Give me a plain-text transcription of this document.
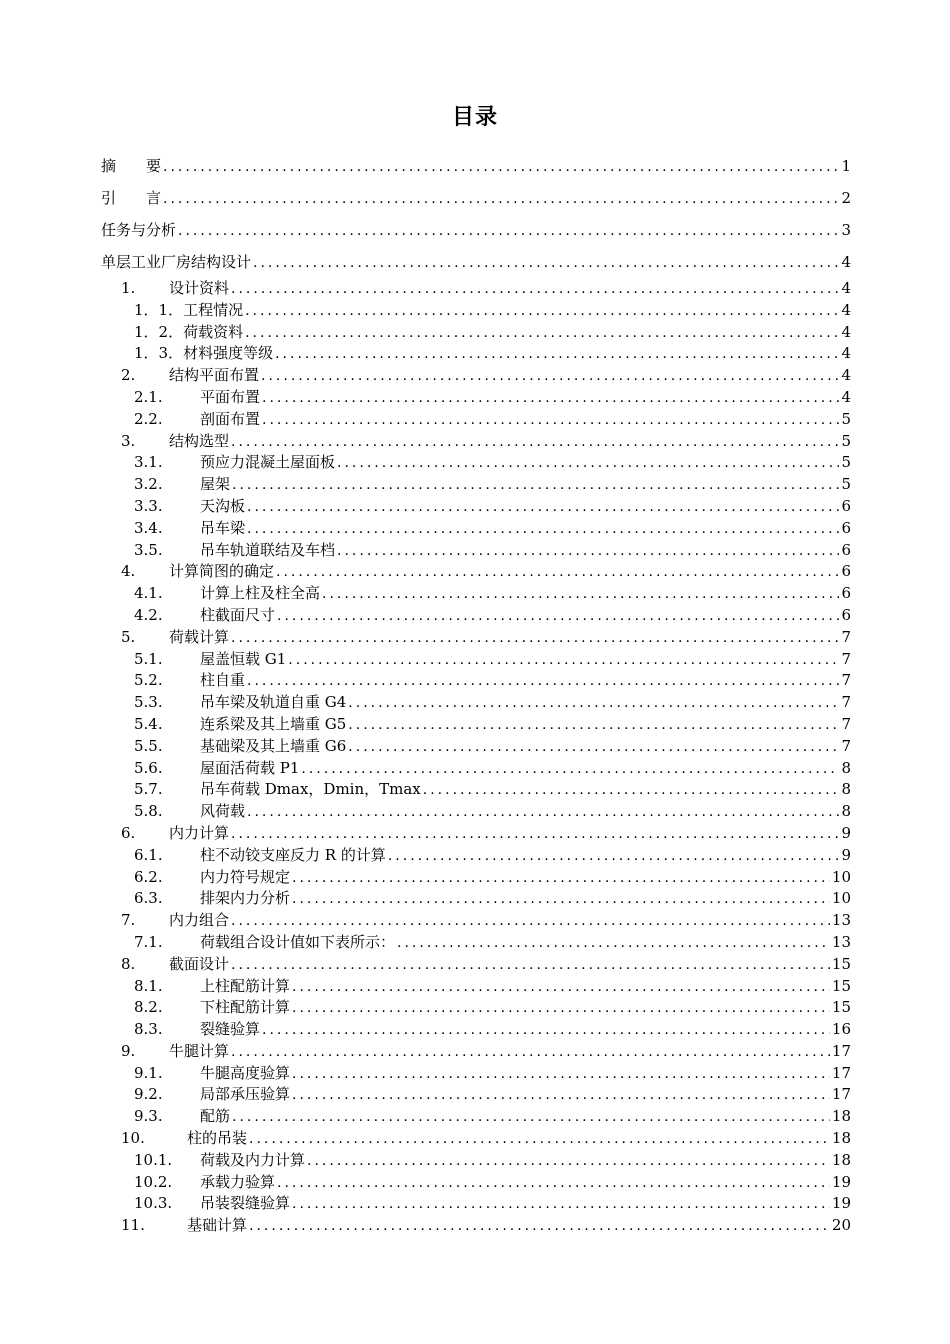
目录
摘　　要 .....	1
引　　言 .....	2
任务与分析 .....	3
单层工业厂房结构设计 .....	4
1.	设计资料 .....	4
1．1．工程情况 .....	4
1．2．荷载资料 .....	4
1．3．材料强度等级 .....	4
2.	结构平面布置 .....	4
2.1.	平面布置 .....	4
2.2.	剖面布置 .....	5
3.	结构选型 .....	5
3.1.	预应力混凝土屋面板 .....	5
3.2.	屋架 .....	5
3.3.	天沟板 .....	6
3.4.	吊车梁 .....	6
3.5.	吊车轨道联结及车档 .....	6
4.	计算简图的确定 .....	6
4.1.	计算上柱及柱全高 .....	6
4.2.	柱截面尺寸 .....	6
5.	荷载计算 .....	7
5.1.	屋盖恒载 G1 .....	7
5.2.	柱自重 .....	7
5.3.	吊车梁及轨道自重 G4 .....	7
5.4.	连系梁及其上墙重 G5 .....	7
5.5.	基础梁及其上墙重 G6 .....	7
5.6.	屋面活荷载 P1 .....	8
5.7.	吊车荷载 Dmax，Dmin，Tmax .....	8
5.8.	风荷载 .....	8
6.	内力计算 .....	9
6.1.	柱不动铰支座反力 R 的计算 .....	9
6.2.	内力符号规定 .....	10
6.3.	排架内力分析 .....	10
7.	内力组合 .....	13
7.1.	荷载组合设计值如下表所示： .....	13
8.	截面设计 .....	15
8.1.	上柱配筋计算 .....	15
8.2.	下柱配筋计算 .....	15
8.3.	裂缝验算 .....	16
9.	牛腿计算 .....	17
9.1.	牛腿高度验算 .....	17
9.2.	局部承压验算 .....	17
9.3.	配筋 .....	18
10.	柱的吊装 .....	18
10.1.	荷载及内力计算 .....	18
10.2.	承载力验算 .....	19
10.3.	吊装裂缝验算 .....	19
11.	基础计算 .....	20
